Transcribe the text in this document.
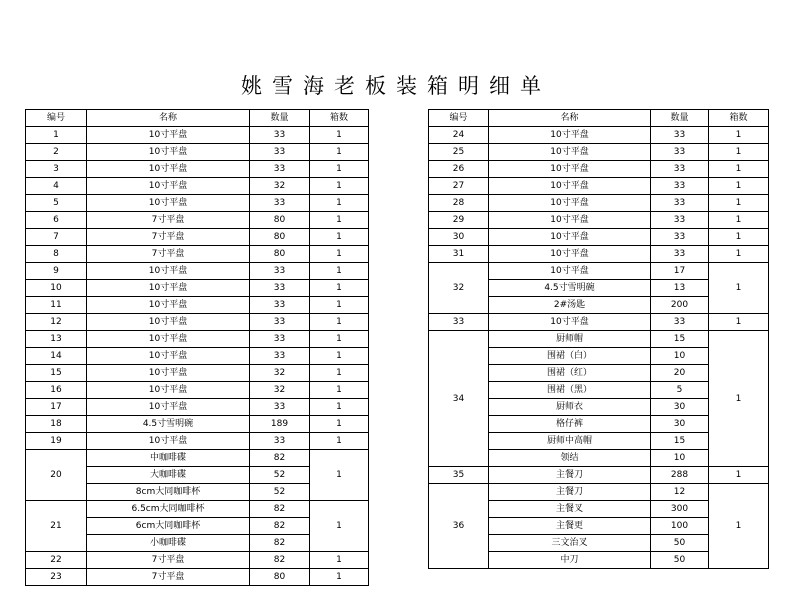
姚雪海老板装箱明细单
编号	名称	数量	箱数
1	10寸平盘	33	1
2	10寸平盘	33	1
3	10寸平盘	33	1
4	10寸平盘	32	1
5	10寸平盘	33	1
6	7寸平盘	80	1
7	7寸平盘	80	1
8	7寸平盘	80	1
9	10寸平盘	33	1
10	10寸平盘	33	1
11	10寸平盘	33	1
12	10寸平盘	33	1
13	10寸平盘	33	1
14	10寸平盘	33	1
15	10寸平盘	32	1
16	10寸平盘	32	1
17	10寸平盘	33	1
18	4.5寸雪明碗	189	1
19	10寸平盘	33	1
20	中咖啡碟	82	1
	大咖啡碟	52	
	8cm大同咖啡杯	52	
21	6.5cm大同咖啡杯	82	1
	6cm大同咖啡杯	82	
	小咖啡碟	82	
22	7寸平盘	82	1
23	7寸平盘	80	1
编号	名称	数量	箱数
24	10寸平盘	33	1
25	10寸平盘	33	1
26	10寸平盘	33	1
27	10寸平盘	33	1
28	10寸平盘	33	1
29	10寸平盘	33	1
30	10寸平盘	33	1
31	10寸平盘	33	1
32	10寸平盘	17	1
	4.5寸雪明碗	13	
	2#汤匙	200	
33	10寸平盘	33	1
34	厨师帽	15	1
	围裙（白）	10	
	围裙（红）	20	
	围裙（黑）	5	
	厨师衣	30	
	格仔裤	30	
	厨师中高帽	15	
	领结	10	
35	主餐刀	288	1
36	主餐刀	12	1
	主餐叉	300	
	主餐更	100	
	三文治叉	50	
	中刀	50	
